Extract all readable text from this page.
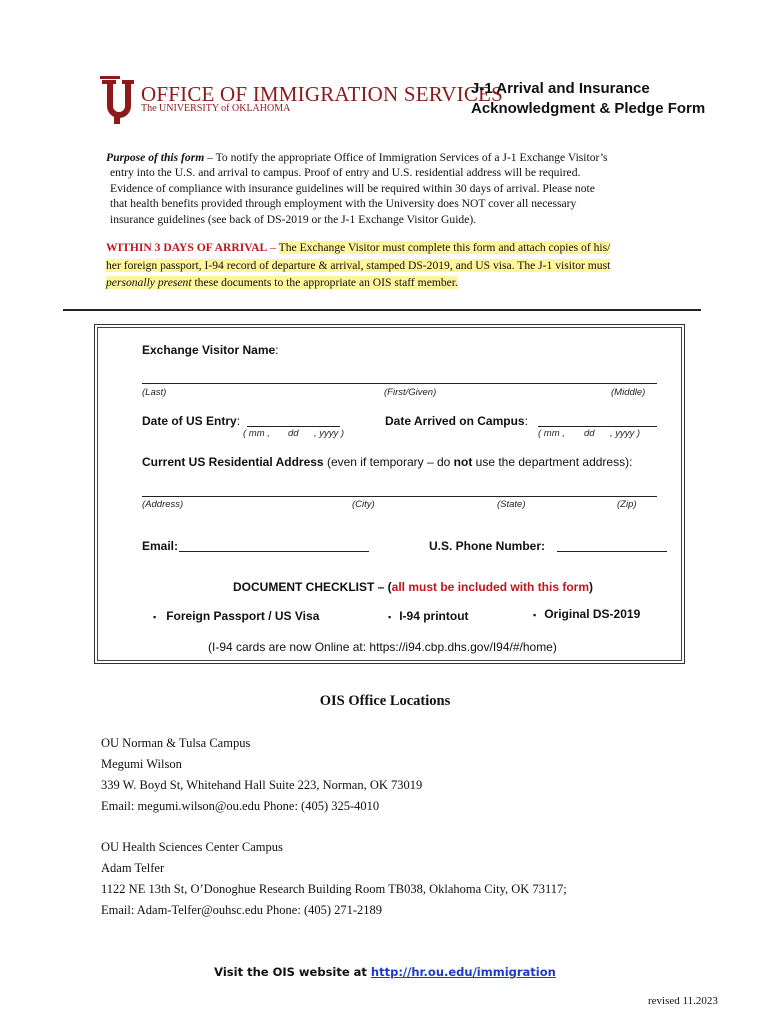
OFFICE OF IMMIGRATION SERVICES
The UNIVERSITY of OKLAHOMA
J-1 Arrival and Insurance
Acknowledgment & Pledge Form
Purpose of this form – To notify the appropriate Office of Immigration Services of a J-1 Exchange Visitor’s
entry into the U.S. and arrival to campus. Proof of entry and U.S. residential address will be required.
Evidence of compliance with insurance guidelines will be required within 30 days of arrival. Please note
that health benefits provided through employment with the University does NOT cover all necessary
insurance guidelines (see back of DS-2019 or the J-1 Exchange Visitor Guide).
WITHIN 3 DAYS OF ARRIVAL – The Exchange Visitor must complete this form and attach copies of his/
her foreign passport, I-94 record of departure & arrival, stamped DS-2019, and US visa. The J-1 visitor must
personally present these documents to the appropriate an OIS staff member.
Exchange Visitor Name:
(Last)	(First/Given)	(Middle)
Date of US Entry:
( mm , dd , yyyy )
Date Arrived on Campus:
( mm , dd , yyyy )
Current US Residential Address (even if temporary – do not use the department address):
(Address)	(City)	(State)	(Zip)
Email:	U.S. Phone Number:
DOCUMENT CHECKLIST – (all must be included with this form)
▪ Foreign Passport / US Visa	▪ I-94 printout	▪ Original DS-2019
(I-94 cards are now Online at: https://i94.cbp.dhs.gov/I94/#/home)
OIS Office Locations
OU Norman & Tulsa Campus
Megumi Wilson
339 W. Boyd St, Whitehand Hall Suite 223, Norman, OK 73019
Email: megumi.wilson@ou.edu Phone: (405) 325-4010
OU Health Sciences Center Campus
Adam Telfer
1122 NE 13th St, O’Donoghue Research Building Room TB038, Oklahoma City, OK 73117;
Email: Adam-Telfer@ouhsc.edu Phone: (405) 271-2189
Visit the OIS website at http://hr.ou.edu/immigration
revised 11.2023
